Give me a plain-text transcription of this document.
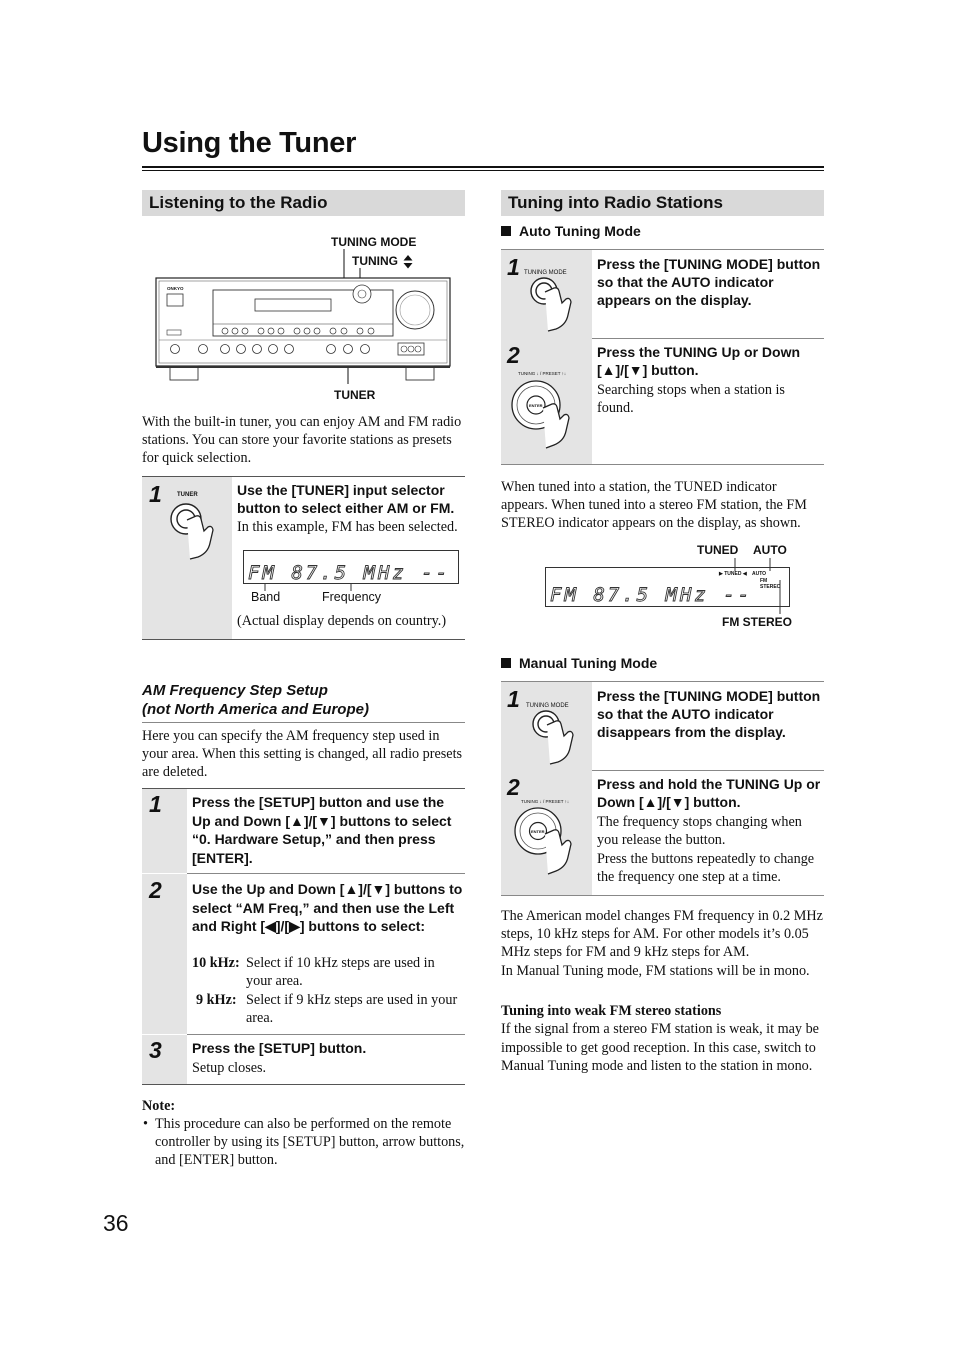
Using the Tuner
Listening to the Radio
TUNING MODE
TUNING
ONKYO
TUNER
With the built-in tuner, you can enjoy AM and FM radio stations. You can store your favorite stations as presets for quick selection.
1	TUNER	Use the [TUNER] input selector button to select either AM or FM.
In this example, FM has been selected.
FM 87.5 MHz --
Band	Frequency
(Actual display depends on country.)
AM Frequency Step Setup
(not North America and Europe)
Here you can specify the AM frequency step used in your area. When this setting is changed, all radio presets are deleted.
1 Press the [SETUP] button and use the Up and Down [▲]/[▼] buttons to select “0. Hardware Setup,” and then press [ENTER].
2 Use the Up and Down [▲]/[▼] buttons to select “AM Freq,” and then use the Left and Right [◀]/[▶] buttons to select:
10 kHz: Select if 10 kHz steps are used in your area.
9 kHz: Select if 9 kHz steps are used in your area.
3 Press the [SETUP] button.
Setup closes.
Note:
• This procedure can also be performed on the remote controller by using its [SETUP] button, arrow buttons, and [ENTER] button.
36
Tuning into Radio Stations
Auto Tuning Mode
1 TUNING MODE
Press the [TUNING MODE] button so that the AUTO indicator appears on the display.
2
TUNING ↓ / PRESET ↑↓
ENTER
Press the TUNING Up or Down [▲]/[▼] button.
Searching stops when a station is found.
When tuned into a station, the TUNED indicator appears. When tuned into a stereo FM station, the FM STEREO indicator appears on the display, as shown.
TUNED AUTO
▶ TUNED ◀ AUTO
FM STEREO
FM 87.5 MHz --
FM STEREO
Manual Tuning Mode
1 TUNING MODE
Press the [TUNING MODE] button so that the AUTO indicator disappears from the display.
2
TUNING ↓ / PRESET ↑↓
ENTER
Press and hold the TUNING Up or Down [▲]/[▼] button.
The frequency stops changing when you release the button.
Press the buttons repeatedly to change the frequency one step at a time.
The American model changes FM frequency in 0.2 MHz steps, 10 kHz steps for AM. For other models it’s 0.05 MHz steps for FM and 9 kHz steps for AM.
In Manual Tuning mode, FM stations will be in mono.
Tuning into weak FM stereo stations
If the signal from a stereo FM station is weak, it may be impossible to get good reception. In this case, switch to Manual Tuning mode and listen to the station in mono.
